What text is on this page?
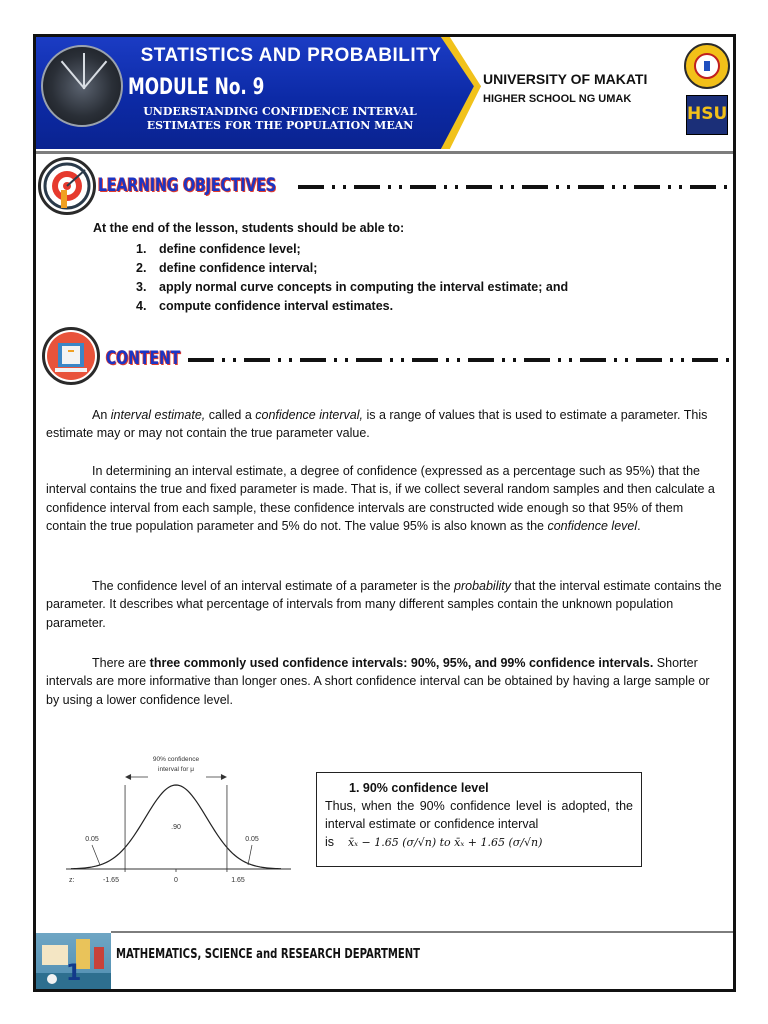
STATISTICS AND PROBABILITY
MODULE No. 9
UNDERSTANDING CONFIDENCE INTERVAL ESTIMATES FOR THE POPULATION MEAN
UNIVERSITY OF MAKATI
HIGHER SCHOOL NG UMAK
HSU

LEARNING OBJECTIVES
At the end of the lesson, students should be able to:
1. define confidence level;
2. define confidence interval;
3. apply normal curve concepts in computing the interval estimate; and
4. compute confidence interval estimates.
CONTENT

An interval estimate, called a confidence interval, is a range of values that is used to estimate a parameter. This estimate may or may not contain the true parameter value.

In determining an interval estimate, a degree of confidence (expressed as a percentage such as 95%) that the interval contains the true and fixed parameter is made. That is, if we collect several random samples and then calculate a confidence interval from each sample, these confidence intervals are constructed wide enough so that 95% of them contain the true population parameter and 5% do not. The value 95% is also known as the confidence level.

The confidence level of an interval estimate of a parameter is the probability that the interval estimate contains the parameter. It describes what percentage of intervals from many different samples contain the unknown population parameter.

There are three commonly used confidence intervals: 90%, 95%, and 99% confidence intervals. Shorter intervals are more informative than longer ones. A short confidence interval can be obtained by having a large sample or by using a lower confidence level.

90% confidence
interval for μ
.90
0.05	0.05
z:	-1.65	0	1.65
1. 90% confidence level
Thus, when the 90% confidence level is adopted, the interval estimate or confidence interval
is x̄ₓ − 1.65 (σ/√n) to x̄ₓ + 1.65 (σ/√n)
1
MATHEMATICS, SCIENCE and RESEARCH DEPARTMENT
